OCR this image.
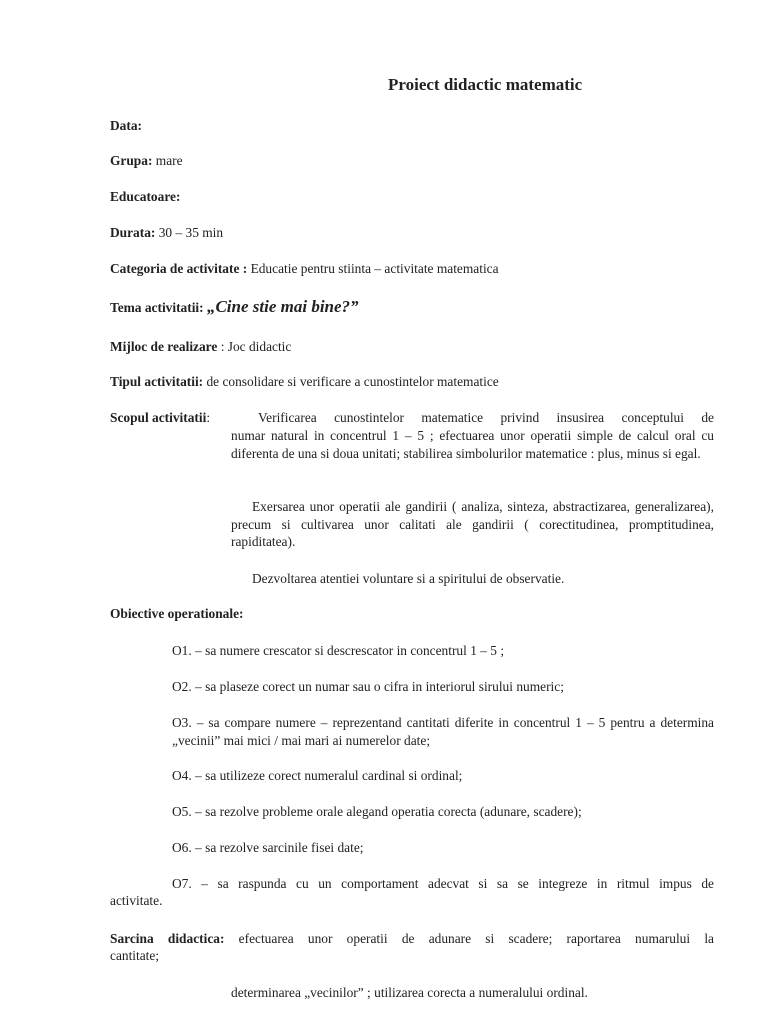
Proiect didactic matematic
Data:
Grupa: mare
Educatoare:
Durata: 30 – 35 min
Categoria de activitate : Educatie pentru stiinta – activitate matematica
Tema activitatii: „Cine stie mai bine?”
Mijloc de realizare : Joc didactic
Tipul activitatii: de consolidare si verificare a cunostintelor matematice
Scopul activitatii:	Verificarea cunostintelor matematice privind insusirea conceptului de
numar natural in concentrul 1 – 5 ; efectuarea unor operatii simple de calcul oral cu diferenta de una si doua unitati; stabilirea simbolurilor matematice : plus, minus si egal.
Exersarea unor operatii ale gandirii ( analiza, sinteza, abstractizarea, generalizarea), precum si cultivarea unor calitati ale gandirii ( corectitudinea, promptitudinea, rapiditatea).
Dezvoltarea atentiei voluntare si a spiritului de observatie.
Obiective operationale:
O1. – sa numere crescator si descrescator in concentrul 1 – 5 ;
O2. – sa plaseze corect un numar sau o cifra in interiorul sirului numeric;
O3. – sa compare numere – reprezentand cantitati diferite in concentrul 1 – 5 pentru a determina „vecinii” mai mici / mai mari ai numerelor date;
O4. – sa utilizeze corect numeralul cardinal si ordinal;
O5. – sa rezolve probleme orale alegand operatia corecta (adunare, scadere);
O6. – sa rezolve sarcinile fisei date;
O7. – sa raspunda cu un comportament adecvat si sa se integreze in ritmul impus de
activitate.
Sarcina didactica: efectuarea unor operatii de adunare si scadere; raportarea numarului la
cantitate;
determinarea „vecinilor” ; utilizarea corecta a numeralului ordinal.
